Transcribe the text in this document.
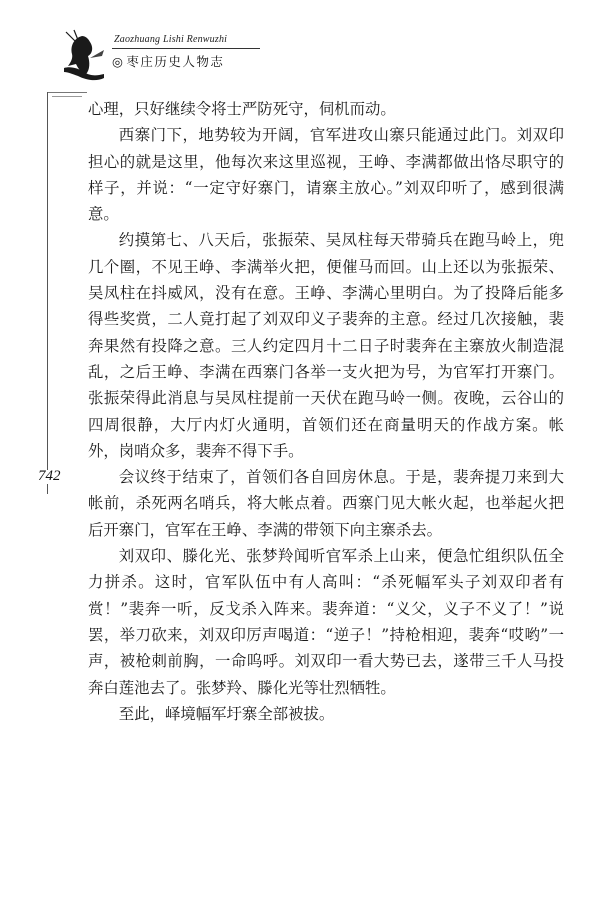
Zaozhuang Lishi Renwuzhi
◎ 枣庄历史人物志
742

心理，只好继续令将士严防死守，伺机而动。

西寨门下，地势较为开阔，官军进攻山寨只能通过此门。刘双印担心的就是这里，他每次来这里巡视，王峥、李满都做出恪尽职守的样子，并说：“一定守好寨门，请寨主放心。”刘双印听了，感到很满意。

约摸第七、八天后，张振荣、吴凤柱每天带骑兵在跑马岭上，兜几个圈，不见王峥、李满举火把，便催马而回。山上还以为张振荣、吴凤柱在抖威风，没有在意。王峥、李满心里明白。为了投降后能多得些奖赏，二人竟打起了刘双印义子裴奔的主意。经过几次接触，裴奔果然有投降之意。三人约定四月十二日子时裴奔在主寨放火制造混乱，之后王峥、李满在西寨门各举一支火把为号，为官军打开寨门。张振荣得此消息与吴凤柱提前一天伏在跑马岭一侧。夜晚，云谷山的四周很静，大厅内灯火通明，首领们还在商量明天的作战方案。帐外，岗哨众多，裴奔不得下手。

会议终于结束了，首领们各自回房休息。于是，裴奔提刀来到大帐前，杀死两名哨兵，将大帐点着。西寨门见大帐火起，也举起火把后开寨门，官军在王峥、李满的带领下向主寨杀去。

刘双印、滕化光、张梦羚闻听官军杀上山来，便急忙组织队伍全力拼杀。这时，官军队伍中有人高叫：“杀死幅军头子刘双印者有赏！”裴奔一听，反戈杀入阵来。裴奔道：“义父，义子不义了！”说罢，举刀砍来，刘双印厉声喝道：“逆子！”持枪相迎，裴奔“哎哟”一声，被枪刺前胸，一命呜呼。刘双印一看大势已去，遂带三千人马投奔白莲池去了。张梦羚、滕化光等壮烈牺牲。

至此，峄境幅军圩寨全部被拔。
